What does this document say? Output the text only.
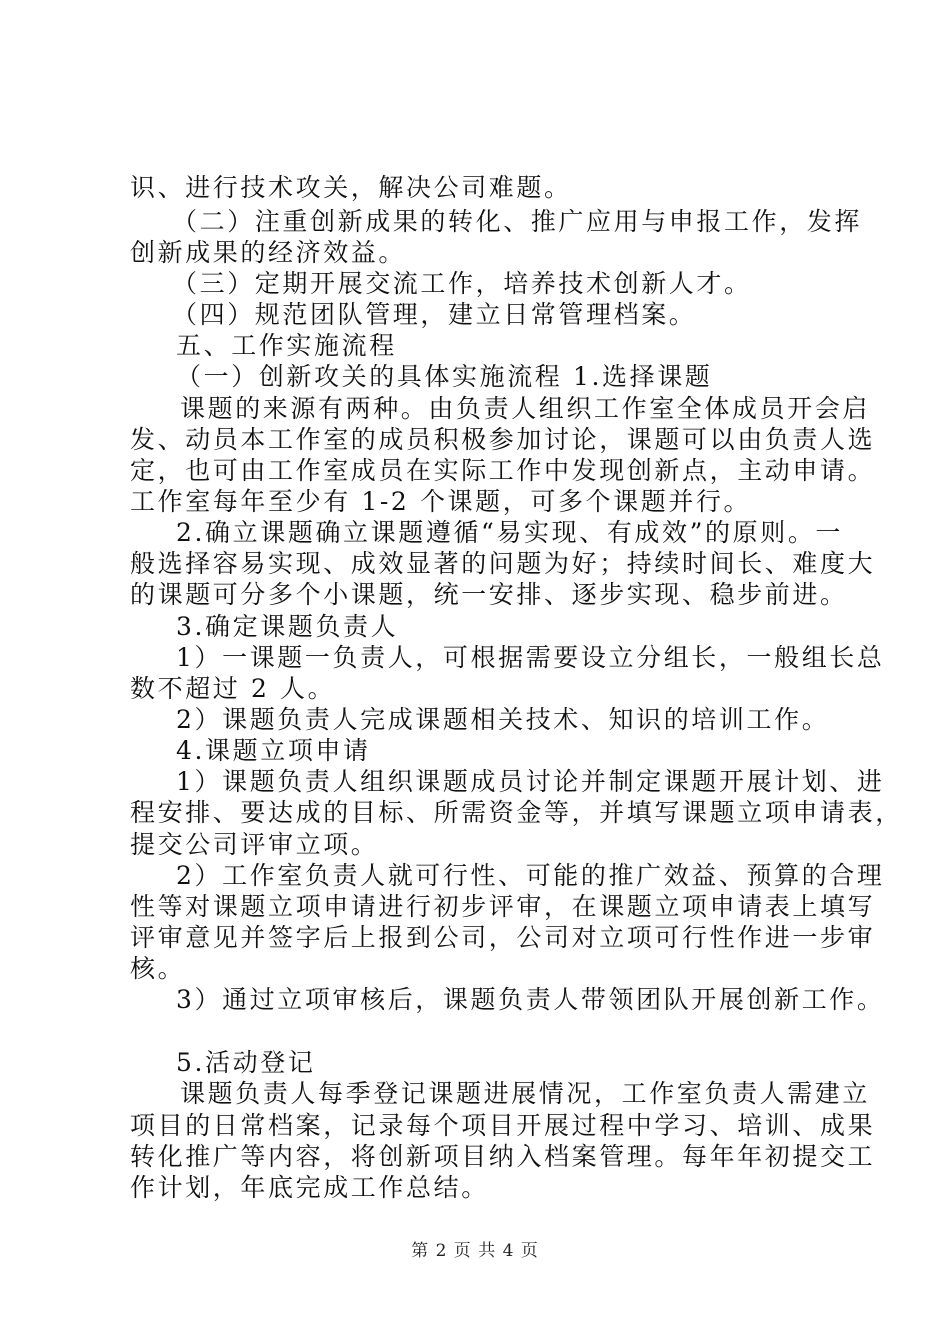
识、进行技术攻关，解决公司难题。
（二）注重创新成果的转化、推广应用与申报工作，发挥
创新成果的经济效益。
（三）定期开展交流工作，培养技术创新人才。
（四）规范团队管理，建立日常管理档案。
五、工作实施流程
（一）创新攻关的具体实施流程 1.选择课题
课题的来源有两种。由负责人组织工作室全体成员开会启
发、动员本工作室的成员积极参加讨论，课题可以由负责人选
定，也可由工作室成员在实际工作中发现创新点，主动申请。
工作室每年至少有 1-2 个课题，可多个课题并行。
2.确立课题确立课题遵循“易实现、有成效”的原则。一
般选择容易实现、成效显著的问题为好；持续时间长、难度大
的课题可分多个小课题，统一安排、逐步实现、稳步前进。
3.确定课题负责人
1）一课题一负责人，可根据需要设立分组长，一般组长总
数不超过 2 人。
2）课题负责人完成课题相关技术、知识的培训工作。
4.课题立项申请
1）课题负责人组织课题成员讨论并制定课题开展计划、进
程安排、要达成的目标、所需资金等，并填写课题立项申请表，
提交公司评审立项。
2）工作室负责人就可行性、可能的推广效益、预算的合理
性等对课题立项申请进行初步评审，在课题立项申请表上填写
评审意见并签字后上报到公司，公司对立项可行性作进一步审
核。
3）通过立项审核后，课题负责人带领团队开展创新工作。
5.活动登记
课题负责人每季登记课题进展情况，工作室负责人需建立
项目的日常档案，记录每个项目开展过程中学习、培训、成果
转化推广等内容，将创新项目纳入档案管理。每年年初提交工
作计划，年底完成工作总结。
第 2 页 共 4 页
